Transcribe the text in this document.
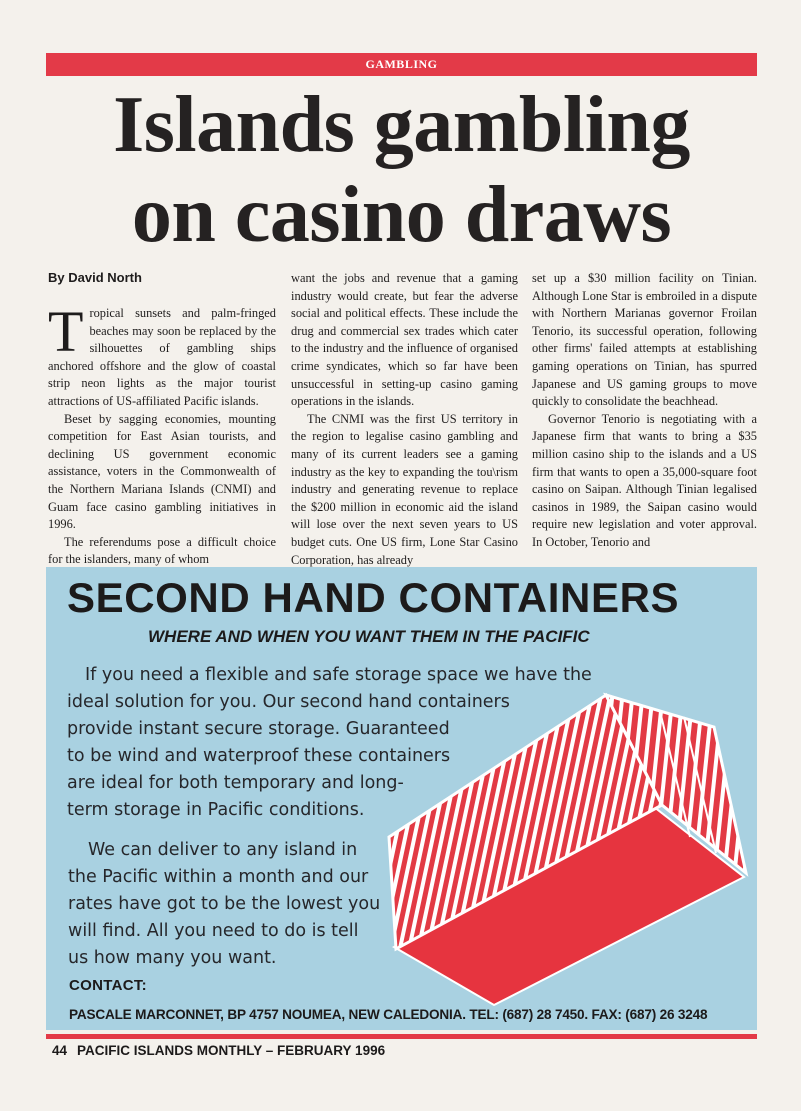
GAMBLING
Islands gambling
on casino draws
By David North

Tropical sunsets and palm-fringed beaches may soon be replaced by the silhouettes of gambling ships anchored offshore and the glow of coastal strip neon lights as the major tourist attractions of US-affiliated Pacific islands.

Beset by sagging economies, mounting competition for East Asian tourists, and declining US government economic assistance, voters in the Commonwealth of the Northern Mariana Islands (CNMI) and Guam face casino gambling initiatives in 1996.

The referendums pose a difficult choice for the islanders, many of whom

want the jobs and revenue that a gaming industry would create, but fear the adverse social and political effects. These include the drug and commercial sex trades which cater to the industry and the influence of organised crime syndicates, which so far have been unsuccessful in setting-up casino gaming operations in the islands.

The CNMI was the first US territory in the region to legalise casino gambling and many of its current leaders see a gaming industry as the key to expanding the tou\rism industry and generating revenue to replace the $200 million in economic aid the island will lose over the next seven years to US budget cuts. One US firm, Lone Star Casino Corporation, has already

set up a $30 million facility on Tinian. Although Lone Star is embroiled in a dispute with Northern Marianas governor Froilan Tenorio, its successful operation, following other firms' failed attempts at establishing gaming operations on Tinian, has spurred Japanese and US gaming groups to move quickly to consolidate the beachhead.

Governor Tenorio is negotiating with a Japanese firm that wants to bring a $35 million casino ship to the islands and a US firm that wants to open a 35,000-square foot casino on Saipan. Although Tinian legalised casinos in 1989, the Saipan casino would require new legislation and voter approval. In October, Tenorio and

SECOND HAND CONTAINERS
WHERE AND WHEN YOU WANT THEM IN THE PACIFIC
If you need a flexible and safe storage space we have the
ideal solution for you. Our second hand containers
provide instant secure storage. Guaranteed
to be wind and waterproof these containers
are ideal for both temporary and long-
term storage in Pacific conditions.
We can deliver to any island in
the Pacific within a month and our
rates have got to be the lowest you
will find. All you need to do is tell
us how many you want.
CONTACT:
PASCALE MARCONNET, BP 4757 NOUMEA, NEW CALEDONIA. TEL: (687) 28 7450. FAX: (687) 26 3248
44 PACIFIC ISLANDS MONTHLY – FEBRUARY 1996
